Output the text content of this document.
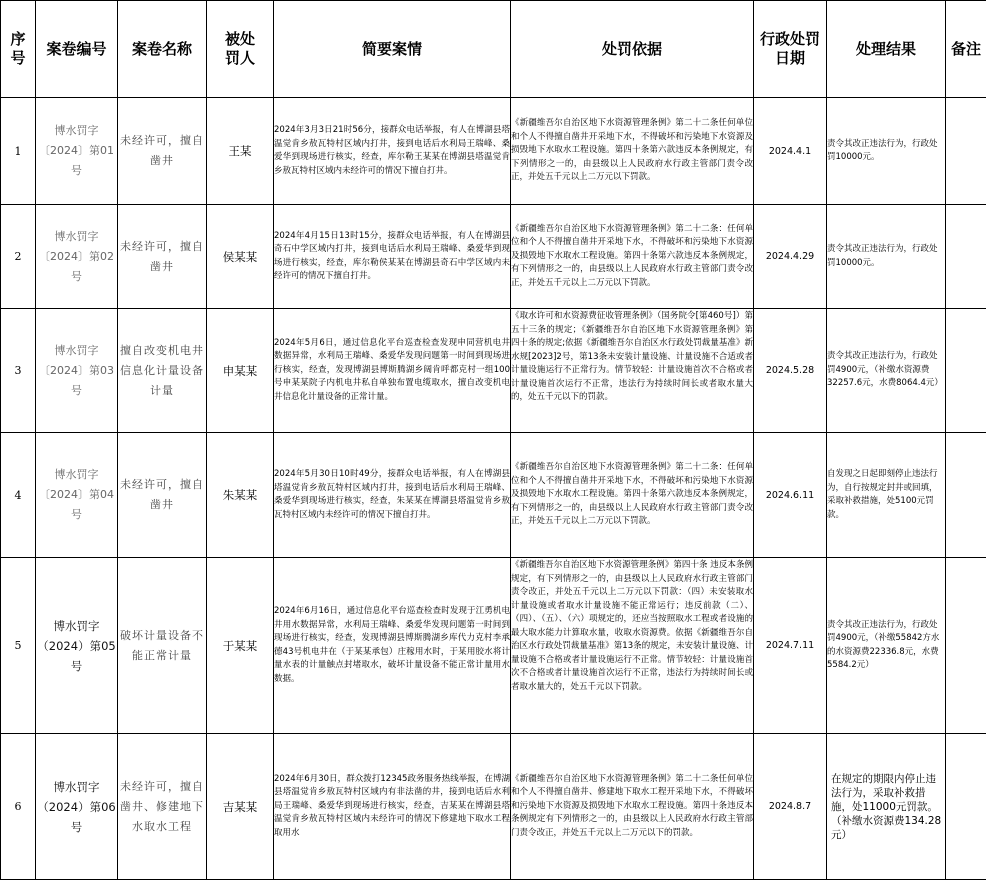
序号	案卷编号	案卷名称	被处罚人	简要案情	处罚依据	行政处罚日期	处理结果	备注
1	博水罚字〔2024〕第01号	未经许可，擅自凿井	王某	2024年3月3日21时56分，接群众电话举报，有人在博湖县塔温觉肯乡敖瓦特村区域内打井，接到电话后水利局王瑞峰、桑爱华到现场进行核实，经查，库尔勒王某某在博湖县塔温觉肯乡敖瓦特村区域内未经许可的情况下擅自打井。	《新疆维吾尔自治区地下水资源管理条例》第二十二条任何单位和个人不得擅自凿井开采地下水，不得破坏和污染地下水资源及损毁地下水取水工程设施。第四十条第六款违反本条例规定，有下列情形之一的，由县级以上人民政府水行政主管部门责令改正，并处五千元以上二万元以下罚款。	2024.4.1	责令其改正违法行为，行政处罚10000元。	
2	博水罚字〔2024〕第02号	未经许可，擅自凿井	侯某某	2024年4月15日13时15分，接群众电话举报，有人在博湖县奇石中学区域内打井，接到电话后水利局王瑞峰、桑爱华到现场进行核实，经查，库尔勒侯某某在博湖县奇石中学区域内未经许可的情况下擅自打井。	《新疆维吾尔自治区地下水资源管理条例》第二十二条：任何单位和个人不得擅自凿井开采地下水，不得破坏和污染地下水资源及损毁地下水取水工程设施。第四十条第六款违反本条例规定，有下列情形之一的，由县级以上人民政府水行政主管部门责令改正，并处五千元以上二万元以下罚款。	2024.4.29	责令其改正违法行为，行政处罚10000元。	
3	博水罚字〔2024〕第03号	擅自改变机电井信息化计量设备计量	申某某	2024年5月6日，通过信息化平台巡查检查发现申同营机电井数据异常，水利局王瑞峰、桑爱华发现问题第一时间到现场进行核实，经查，发现博湖县博斯腾湖乡阔肯呼都克村一组100号申某某院子内机电井私自单独布置电缆取水，擅自改变机电井信息化计量设备的正常计量。	《取水许可和水资源费征收管理条例》（国务院令[第460号]）第五十三条的规定；《新疆维吾尔自治区地下水资源管理条例》第四十条的规定;依据《新疆维吾尔自治区水行政处罚裁量基准》新水规[2023]2号，第13条未安装计量设施、计量设施不合适或者计量设施运行不正常行为。情节较轻：计量设施首次不合格或者计量设施首次运行不正常，违法行为持续时间长或者取水量大的，处五千元以下的罚款。	2024.5.28	责令其改正违法行为，行政处罚4900元，（补缴水资源费32257.6元，水费8064.4元）	
4	博水罚字〔2024〕第04号	未经许可，擅自凿井	朱某某	2024年5月30日10时49分，接群众电话举报，有人在博湖县塔温觉肯乡敖瓦特村区域内打井，接到电话后水利局王瑞峰、桑爱华到现场进行核实，经查，朱某某在博湖县塔温觉肯乡敖瓦特村区域内未经许可的情况下擅自打井。	《新疆维吾尔自治区地下水资源管理条例》第二十二条：任何单位和个人不得擅自凿井开采地下水，不得破坏和污染地下水资源及损毁地下水取水工程设施。第四十条第六款违反本条例规定，有下列情形之一的，由县级以上人民政府水行政主管部门责令改正，并处五千元以上二万元以下罚款。	2024.6.11	自发现之日起即刻停止违法行为，自行按规定封井或回填，采取补救措施，处5100元罚款。	
5	博水罚字（2024）第05号	破坏计量设备不能正常计量	于某某	2024年6月16日，通过信息化平台巡查检查时发现于江勇机电井用水数据异常，水利局王瑞峰、桑爱华发现问题第一时间到现场进行核实，经查，发现博湖县博斯腾湖乡库代力克村李承德43号机电井在（于某某承包）庄稼用水时，于某用胶水将计量水表的计量触点封堵取水，破坏计量设备不能正常计量用水数据。	《新疆维吾尔自治区地下水资源管理条例》第四十条 违反本条例规定，有下列情形之一的，由县级以上人民政府水行政主管部门责令改正，并处五千元以上二万元以下罚款：（四）未安装取水计量设施或者取水计量设施不能正常运行；违反前款（二）、（四）、（五）、（六）项规定的，还应当按照取水工程或者设施的最大取水能力计算取水量，收取水资源费。依据《新疆维吾尔自治区水行政处罚裁量基准》第13条的规定，未安装计量设施、计量设施不合格或者计量设施运行不正常。情节较轻：计量设施首次不合格或者计量设施首次运行不正常，违法行为持续时间长或者取水量大的，处五千元以下罚款。	2024.7.11	责令其改正违法行为，行政处罚4900元，（补缴55842方水的水资源费22336.8元，水费5584.2元）	
6	博水罚字（2024）第06号	未经许可，擅自凿井、修建地下水取水工程	吉某某	2024年6月30日，群众拨打12345政务服务热线举报，在博湖县塔温觉肯乡敖瓦特村区域内有非法凿的井，接到电话后水利局王瑞峰、桑爱华到现场进行核实，经查，吉某某在博湖县塔温觉肯乡敖瓦特村区域内未经许可的情况下修建地下取水工程取用水	《新疆维吾尔自治区地下水资源管理条例》第二十二条任何单位和个人不得擅自凿井、修建地下取水工程开采地下水，不得破坏和污染地下水资源及损毁地下水取水工程设施。第四十条违反本条例规定有下列情形之一的，由县级以上人民政府水行政主管部门责令改正，并处五千元以上二万元以下的罚款。	2024.8.7	在规定的期限内停止违法行为，采取补救措施，处11000元罚款。（补缴水资源费134.28元）	
